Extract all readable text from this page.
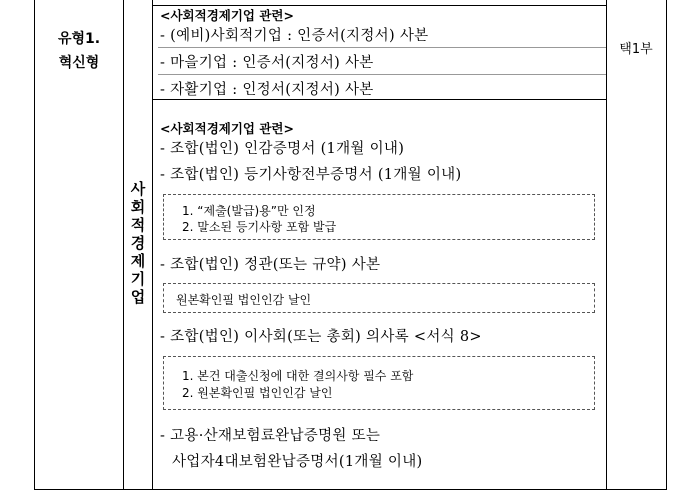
유형1.
혁신형
사
회
적
경
제
기
업
택1부
<사회적경제기업 관련>
- (예비)사회적기업 : 인증서(지정서) 사본
- 마을기업 : 인증서(지정서) 사본
- 자활기업 : 인정서(지정서) 사본
<사회적경제기업 관련>
- 조합(법인) 인감증명서 (1개월 이내)
- 조합(법인) 등기사항전부증명서 (1개월 이내)
1. “제출(발급)용”만 인정
2. 말소된 등기사항 포함 발급
- 조합(법인) 정관(또는 규약) 사본
원본확인필 법인인감 날인
- 조합(법인) 이사회(또는 총회) 의사록 <서식 8>
1. 본건 대출신청에 대한 결의사항 필수 포함
2. 원본확인필 법인인감 날인
- 고용·산재보험료완납증명원 또는
사업자4대보험완납증명서(1개월 이내)
